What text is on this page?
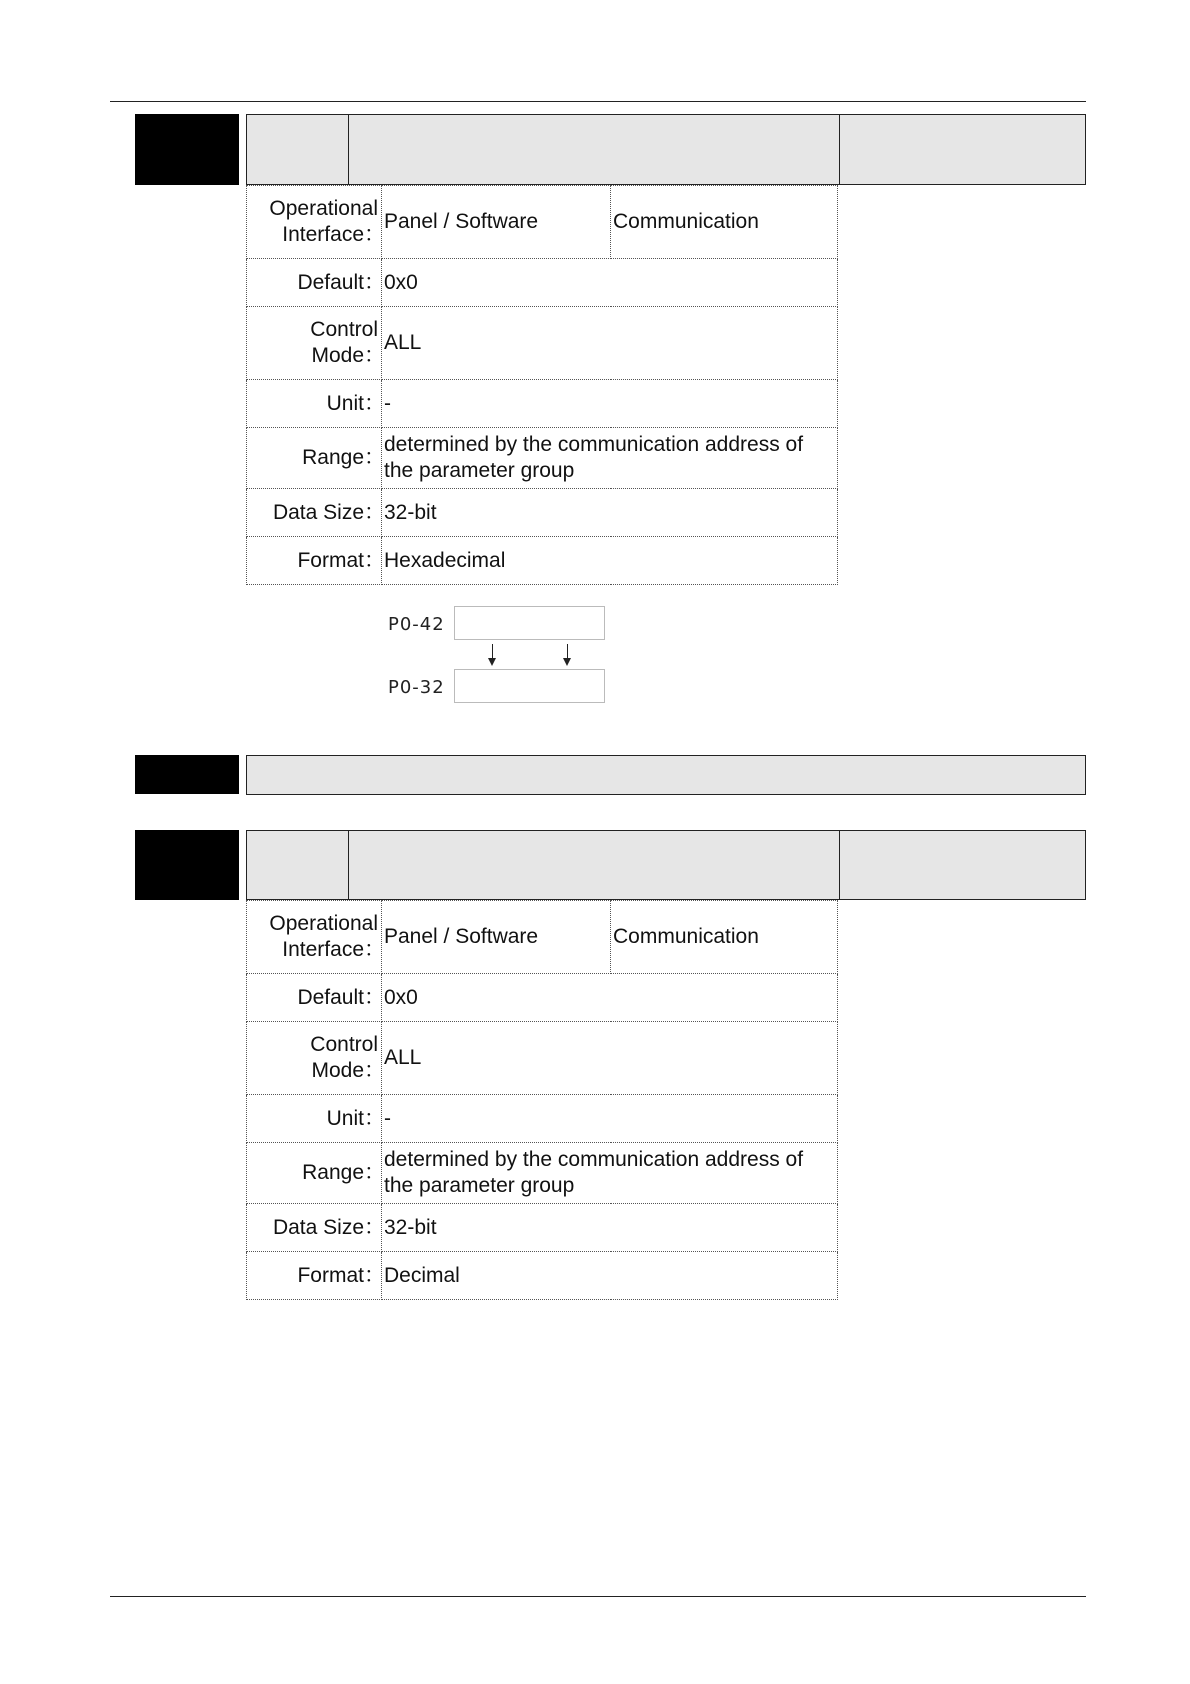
Operational
Interface：	Panel / Software	Communication
Default：	0x0	

Control
Mode：	ALL	
Unit：	-	
Range：	determined by the communication address of the parameter group	
Data Size：	32-bit	
Format：	Hexadecimal	
P0-42
P0-32
Operational
Interface：	Panel / Software	Communication
Default：	0x0	

Control
Mode：	ALL	
Unit：	-	
Range：	determined by the communication address of the parameter group	
Data Size：	32-bit	
Format：	Decimal	
